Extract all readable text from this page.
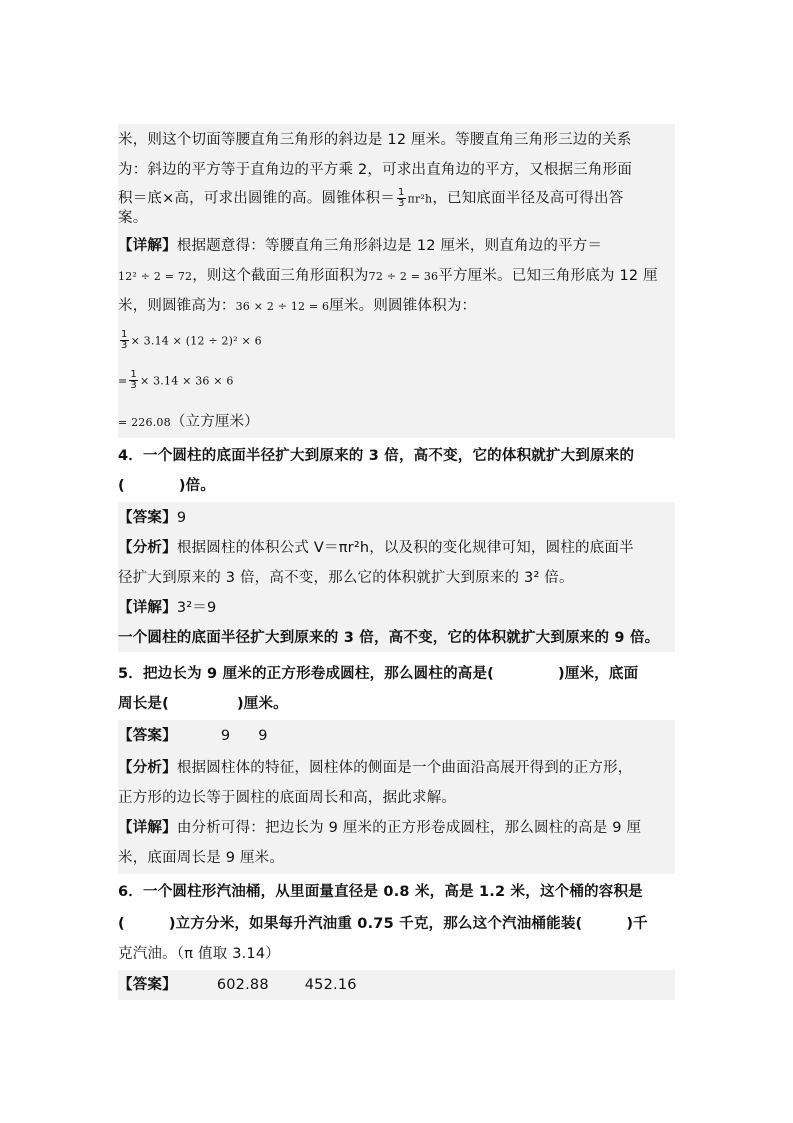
米，则这个切面等腰直角三角形的斜边是 12 厘米。等腰直角三角形三边的关系
为：斜边的平方等于直角边的平方乘 2，可求出直角边的平方，又根据三角形面
积＝底×高，可求出圆锥的高。圆锥体积＝ $\frac{1}{3} \pi r^2h$，已知底面半径及高可得出答
案。
【详解】根据题意得：等腰直角三角形斜边是 12 厘米，则直角边的平方＝
12² ÷ 2 = 72，则这个截面三角形面积为72 ÷ 2 = 36平方厘米。已知三角形底为 12 厘
米，则圆锥高为：36 × 2 ÷ 12 = 6厘米。则圆锥体积为：
$\frac{1}{3} \times 3.14 \times (12 \div 2)^2 \times 6$
= $\frac{1}{3} \times 3.14 \times 36 \times 6$
= 226.08（立方厘米）
4．一个圆柱的底面半径扩大到原来的 3 倍，高不变，它的体积就扩大到原来的
(	)倍。
【答案】9
【分析】根据圆柱的体积公式 V＝πr²h，以及积的变化规律可知，圆柱的底面半
径扩大到原来的 3 倍，高不变，那么它的体积就扩大到原来的 3² 倍。
【详解】3²＝9
一个圆柱的底面半径扩大到原来的 3 倍，高不变，它的体积就扩大到原来的 9 倍。
5．把边长为 9 厘米的正方形卷成圆柱，那么圆柱的高是(	)厘米，底面
周长是(	)厘米。
【答案】	9 9
【分析】根据圆柱体的特征，圆柱体的侧面是一个曲面沿高展开得到的正方形，
正方形的边长等于圆柱的底面周长和高，据此求解。
【详解】由分析可得：把边长为 9 厘米的正方形卷成圆柱，那么圆柱的高是 9 厘
米，底面周长是 9 厘米。
6．一个圆柱形汽油桶，从里面量直径是 0.8 米，高是 1.2 米，这个桶的容积是
(	)立方分米，如果每升汽油重 0.75 千克，那么这个汽油桶能装(	)千
克汽油。（π 值取 3.14）
【答案】	602.88 452.16
